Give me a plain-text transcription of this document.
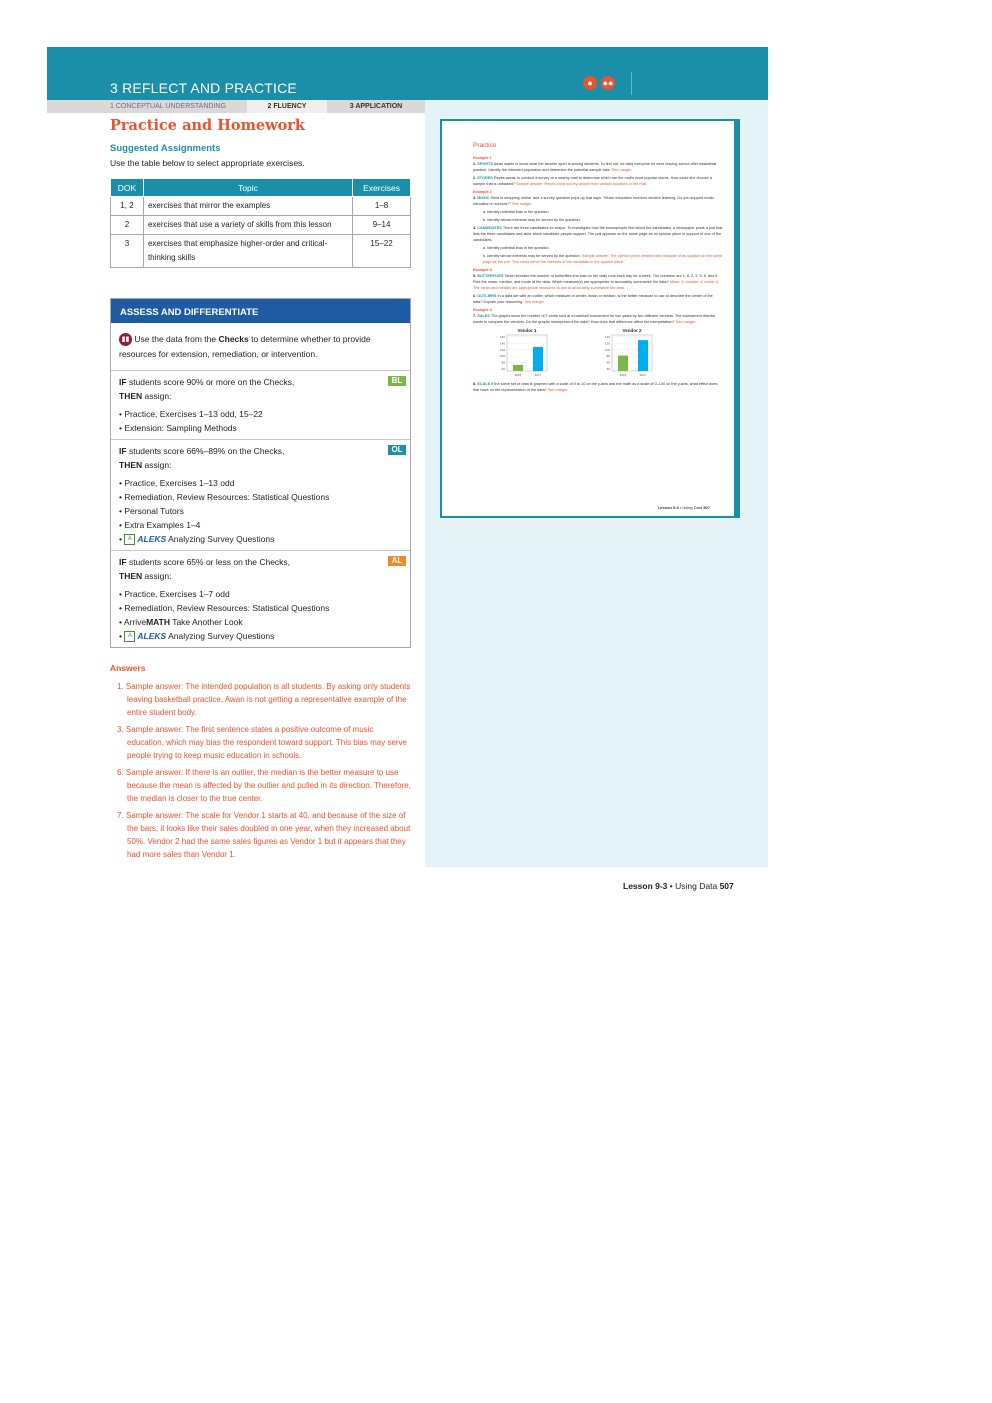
3 REFLECT AND PRACTICE	●	●●
1 CONCEPTUAL UNDERSTANDING	2 FLUENCY	3 APPLICATION
Practice and Homework
Suggested Assignments
Use the table below to select appropriate exercises.
DOK	Topic	Exercises
1, 2	exercises that mirror the examples	1–8
2	exercises that use a variety of skills from this lesson	9–14
3	exercises that emphasize higher-order and critical-thinking skills	15–22
ASSESS AND DIFFERENTIATE
▮▮ Use the data from the Checks to determine whether to provide resources for extension, remediation, or intervention.
BL
IF students score 90% or more on the Checks,
THEN assign:
• Practice, Exercises 1–13 odd, 15–22
• Extension: Sampling Methods
OL
IF students score 66%–89% on the Checks,
THEN assign:
• Practice, Exercises 1–13 odd
• Remediation, Review Resources: Statistical Questions
• Personal Tutors
• Extra Examples 1–4
• A ALEKS Analyzing Survey Questions
AL
IF students score 65% or less on the Checks,
THEN assign:
• Practice, Exercises 1–7 odd
• Remediation, Review Resources: Statistical Questions
• ArriveMATH Take Another Look
• A ALEKS Analyzing Survey Questions
Answers
1. Sample answer: The intended population is all students. By asking only students leaving basketball practice, Awan is not getting a representative example of the entire student body.
3. Sample answer: The first sentence states a positive outcome of music education, which may bias the respondent toward support. This bias may serve people trying to keep music education in schools.
6. Sample answer: If there is an outlier, the median is the better measure to use because the mean is affected by the outlier and pulled in its direction. Therefore, the median is closer to the true center.
7. Sample answer: The scale for Vendor 1 starts at 40, and because of the size of the bars, it looks like their sales doubled in one year, when they increased about 50%. Vendor 2 had the same sales figures as Vendor 1 but it appears that they had more sales than Vendor 1.
Practice
Example 1
1. SPORTS Awan wants to know what the favorite sport is among students. To find out, he asks everyone he sees leaving school after basketball practice. Identify the intended population and determine the potential sample bias. See margin.
2. STORES Reyes wants to conduct a survey at a nearby mall to determine which are the mall's most popular stores. How could she choose a sample that is unbiased? Sample answer: Reyes could survey people from various locations in the mall.
Example 2
3. MUSIC Shea is shopping online, and a survey question pops up that says: "Music education enriches student learning. Do you support music education in schools?" See margin.
a. Identify potential bias in the question.
b. Identify whose interests may be served by the question.
4. CANDIDATES There are three candidates for mayor. To investigate how the townspeople feel about the candidates, a newspaper posts a poll that lists the three candidates and asks which candidate people support. The poll appears on the same page as an opinion piece in support of one of the candidates.
a. Identify potential bias in the question.
b. Identify whose interests may be served by the question. Sample answer: The opinion piece creates bias because of its location on the same page as the poll. This could serve the interests of the candidate in the opinion piece.
Example 3
5. BUTTERFLIES Tania recorded the number of butterflies she saw on her daily runs each day for a week. The numbers are 1, 8, 2, 2, 5, 6, and 4. Find the mean, median, and mode of the data. Which measure(s) are appropriate to accurately summarize the data? Mean: 4, median: 4, mode: 2; The mean and median are appropriate measures to use to accurately summarize the data.
6. OUTLIERS In a data set with an outlier, which measure of center, mean or median, is the better measure to use to describe the center of the data? Explain your reasoning. See margin.
Example 4
7. SALES The graphs show the number of T-shirts sold at a baseball tournament for two years by two different vendors. The tournament director wants to compare the vendors. Do the graphs misrepresent the data? How does that difference affect the interpretation? See margin.
Vendor 1
160
140
120
100
80
60
2016	2017
Vendor 2
140
120
100
80
60
40
2016	2017
8. SCALE If the same set of data is graphed with a scale of 0 to 10 on the y-axis and the math as a scale of 0–100 on the y-axis, what effect does that have on the representation of the data? See margin.
Lesson 9-3 • Using Data 507
Lesson 9-3 • Using Data 507
